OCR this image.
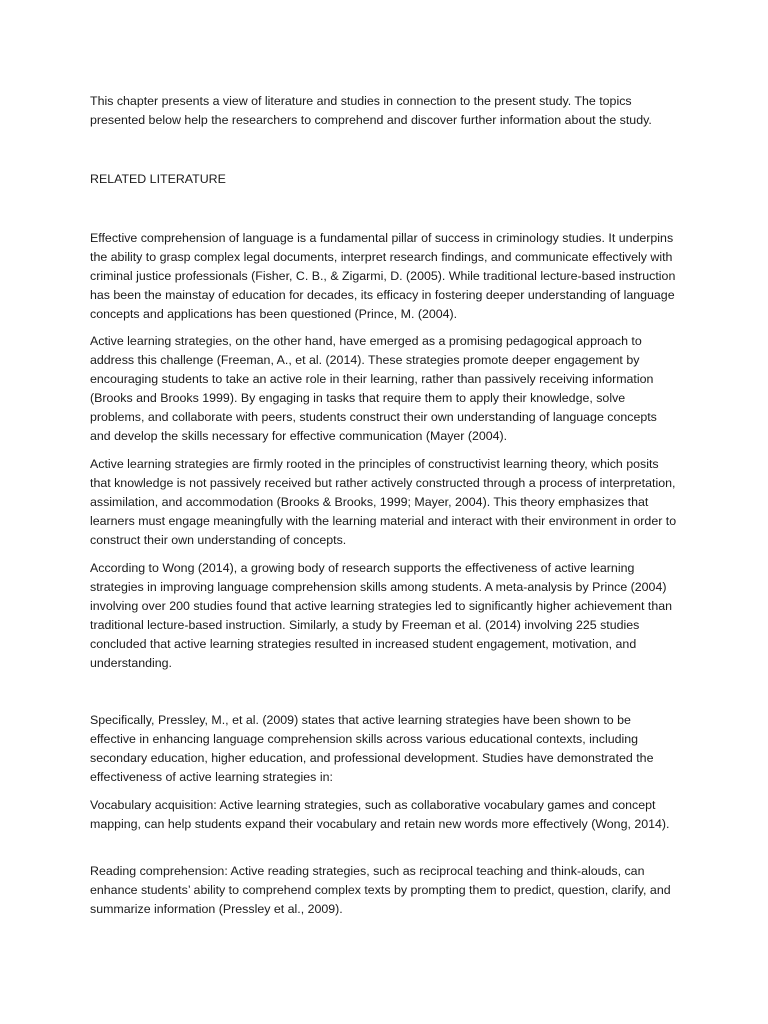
This chapter presents a view of literature and studies in connection to the present study. The topics presented below help the researchers to comprehend and discover further information about the study.

RELATED LITERATURE

Effective comprehension of language is a fundamental pillar of success in criminology studies. It underpins the ability to grasp complex legal documents, interpret research findings, and communicate effectively with criminal justice professionals (Fisher, C. B., & Zigarmi, D. (2005). While traditional lecture-based instruction has been the mainstay of education for decades, its efficacy in fostering deeper understanding of language concepts and applications has been questioned (Prince, M. (2004).

Active learning strategies, on the other hand, have emerged as a promising pedagogical approach to address this challenge (Freeman, A., et al. (2014). These strategies promote deeper engagement by encouraging students to take an active role in their learning, rather than passively receiving information (Brooks and Brooks 1999). By engaging in tasks that require them to apply their knowledge, solve problems, and collaborate with peers, students construct their own understanding of language concepts and develop the skills necessary for effective communication (Mayer (2004).

Active learning strategies are firmly rooted in the principles of constructivist learning theory, which posits that knowledge is not passively received but rather actively constructed through a process of interpretation, assimilation, and accommodation (Brooks & Brooks, 1999; Mayer, 2004). This theory emphasizes that learners must engage meaningfully with the learning material and interact with their environment in order to construct their own understanding of concepts.

According to Wong (2014), a growing body of research supports the effectiveness of active learning strategies in improving language comprehension skills among students. A meta-analysis by Prince (2004) involving over 200 studies found that active learning strategies led to significantly higher achievement than traditional lecture-based instruction. Similarly, a study by Freeman et al. (2014) involving 225 studies concluded that active learning strategies resulted in increased student engagement, motivation, and understanding.

Specifically, Pressley, M., et al. (2009) states that active learning strategies have been shown to be effective in enhancing language comprehension skills across various educational contexts, including secondary education, higher education, and professional development. Studies have demonstrated the effectiveness of active learning strategies in:

Vocabulary acquisition: Active learning strategies, such as collaborative vocabulary games and concept mapping, can help students expand their vocabulary and retain new words more effectively (Wong, 2014).

Reading comprehension: Active reading strategies, such as reciprocal teaching and think-alouds, can enhance students’ ability to comprehend complex texts by prompting them to predict, question, clarify, and summarize information (Pressley et al., 2009).
